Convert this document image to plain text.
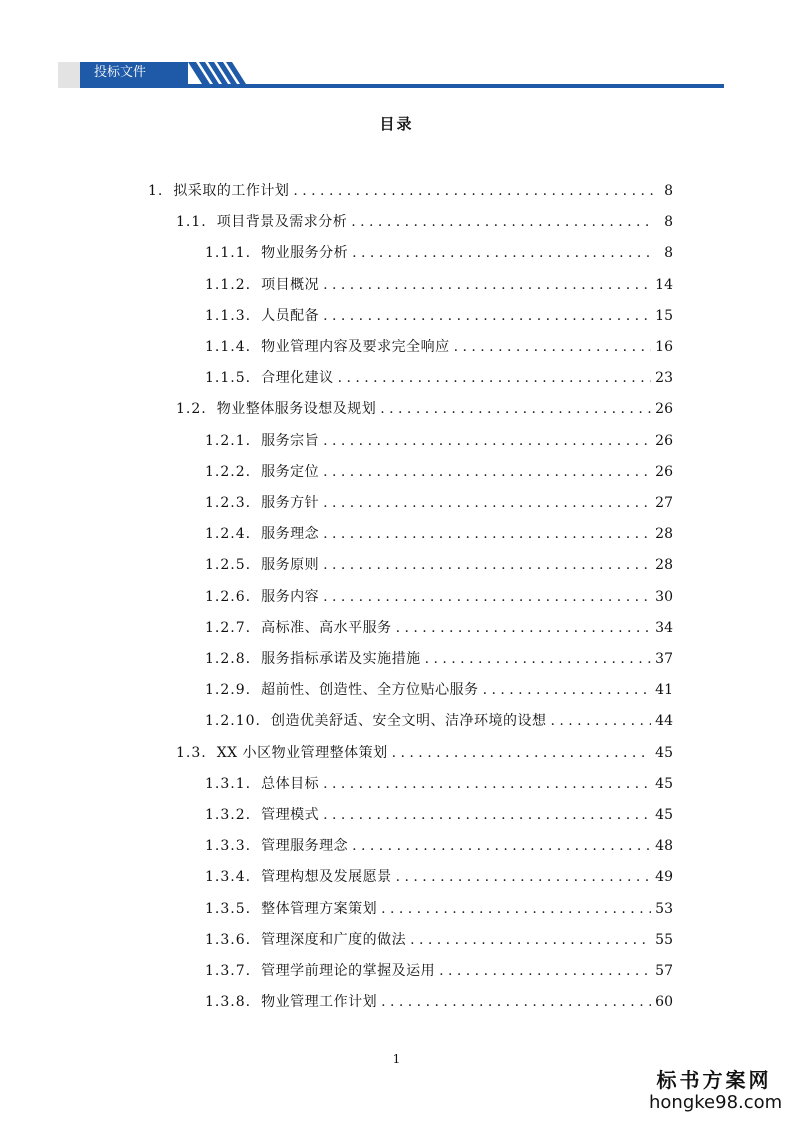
投标文件
目录
1. 拟采取的工作计划 . . .	8
1.1. 项目背景及需求分析 . . .	8
1.1.1. 物业服务分析 . . .	8
1.1.2. 项目概况 . . .	14
1.1.3. 人员配备 . . .	15
1.1.4. 物业管理内容及要求完全响应 . . .	16
1.1.5. 合理化建议 . . .	23
1.2. 物业整体服务设想及规划 . . .	26
1.2.1. 服务宗旨 . . .	26
1.2.2. 服务定位 . . .	26
1.2.3. 服务方针 . . .	27
1.2.4. 服务理念 . . .	28
1.2.5. 服务原则 . . .	28
1.2.6. 服务内容 . . .	30
1.2.7. 高标准、高水平服务 . . .	34
1.2.8. 服务指标承诺及实施措施 . . .	37
1.2.9. 超前性、创造性、全方位贴心服务 . . .	41
1.2.10. 创造优美舒适、安全文明、洁净环境的设想 . . .	44
1.3. XX 小区物业管理整体策划 . . .	45
1.3.1. 总体目标 . . .	45
1.3.2. 管理模式 . . .	45
1.3.3. 管理服务理念 . . .	48
1.3.4. 管理构想及发展愿景 . . .	49
1.3.5. 整体管理方案策划 . . .	53
1.3.6. 管理深度和广度的做法 . . .	55
1.3.7. 管理学前理论的掌握及运用 . . .	57
1.3.8. 物业管理工作计划 . . .	60
1
标书方案网
hongke98.com
